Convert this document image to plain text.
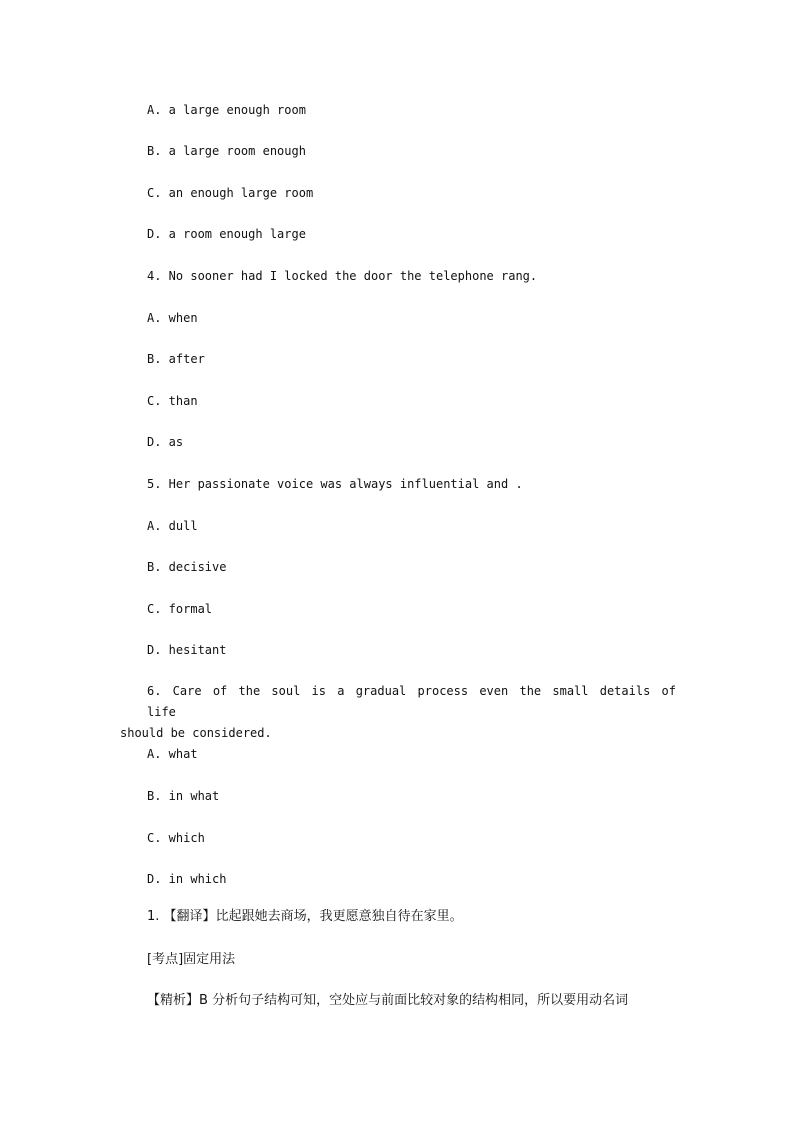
A. a large enough room
B. a large room enough
C. an enough large room
D. a room enough large
4. No sooner had I locked the door the telephone rang.
A. when
B. after
C. than
D. as
5. Her passionate voice was always influential and .
A. dull
B. decisive
C. formal
D. hesitant
6. Care of the soul is a gradual process even the small details of life
should be considered.
A. what
B. in what
C. which
D. in which
1. 【翻译】比起跟她去商场，我更愿意独自待在家里。
[考点]固定用法
【精析】B 分析句子结构可知，空处应与前面比较对象的结构相同，所以要用动名词
